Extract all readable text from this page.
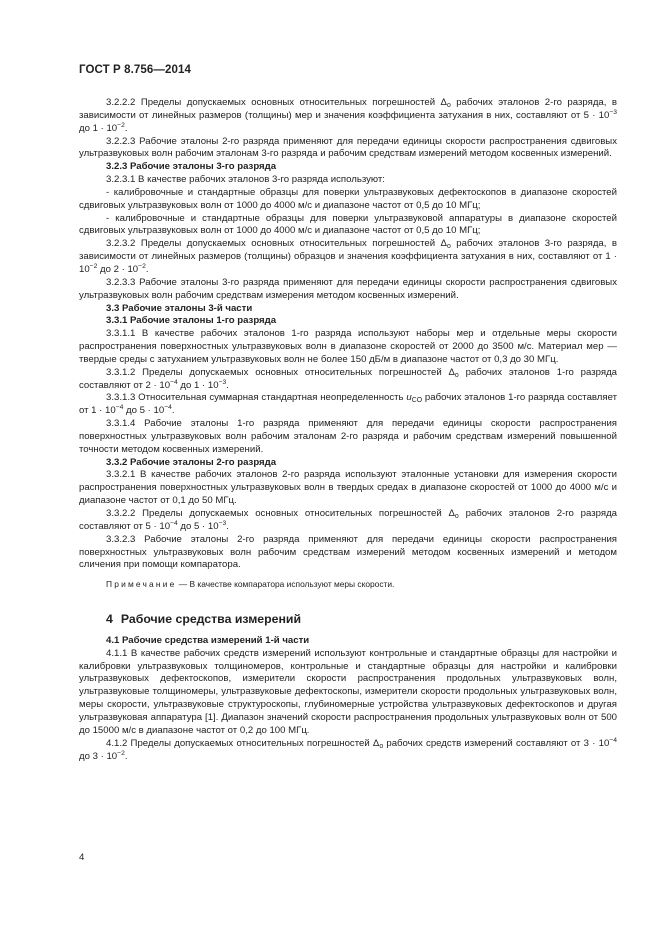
ГОСТ Р 8.756—2014

3.2.2.2 Пределы допускаемых основных относительных погрешностей $\Delta_о$ рабочих эталонов 2-го разряда, в зависимости от линейных размеров (толщины) мер и значения коэффициента затухания в них, составляют от $5 \cdot 10^{-3}$ до $1 \cdot 10^{-2}$.

3.2.2.3 Рабочие эталоны 2-го разряда применяют для передачи единицы скорости распространения сдвиговых ультразвуковых волн рабочим эталонам 3-го разряда и рабочим средствам измерений методом косвенных измерений.

3.2.3 Рабочие эталоны 3-го разряда

3.2.3.1 В качестве рабочих эталонов 3-го разряда используют:

- калибровочные и стандартные образцы для поверки ультразвуковых дефектоскопов в диапазоне скоростей сдвиговых ультразвуковых волн от 1000 до 4000 м/с и диапазоне частот от 0,5 до 10 МГц;

- калибровочные и стандартные образцы для поверки ультразвуковой аппаратуры в диапазоне скоростей сдвиговых ультразвуковых волн от 1000 до 4000 м/с и диапазоне частот от 0,5 до 10 МГц;

3.2.3.2 Пределы допускаемых основных относительных погрешностей $\Delta_о$ рабочих эталонов 3-го разряда, в зависимости от линейных размеров (толщины) образцов и значения коэффициента затухания в них, составляют от $1 \cdot 10^{-2}$ до $2 \cdot 10^{-2}$.

3.2.3.3 Рабочие эталоны 3-го разряда применяют для передачи единицы скорости распространения сдвиговых ультразвуковых волн рабочим средствам измерения методом косвенных измерений.

3.3 Рабочие эталоны 3-й части

3.3.1 Рабочие эталоны 1-го разряда

3.3.1.1 В качестве рабочих эталонов 1-го разряда используют наборы мер и отдельные меры скорости распространения поверхностных ультразвуковых волн в диапазоне скоростей от 2000 до 3500 м/с. Материал мер — твердые среды с затуханием ультразвуковых волн не более 150 дБ/м в диапазоне частот от 0,3 до 30 МГц.

3.3.1.2 Пределы допускаемых основных относительных погрешностей $\Delta_о$ рабочих эталонов 1-го разряда составляют от $2 \cdot 10^{-4}$ до $1 \cdot 10^{-3}$.

3.3.1.3 Относительная суммарная стандартная неопределенность $u_{CO}$ рабочих эталонов 1-го разряда составляет от $1 \cdot 10^{-4}$ до $5 \cdot 10^{-4}$.

3.3.1.4 Рабочие эталоны 1-го разряда применяют для передачи единицы скорости распространения поверхностных ультразвуковых волн рабочим эталонам 2-го разряда и рабочим средствам измерений повышенной точности методом косвенных измерений.

3.3.2 Рабочие эталоны 2-го разряда

3.3.2.1 В качестве рабочих эталонов 2-го разряда используют эталонные установки для измерения скорости распространения поверхностных ультразвуковых волн в твердых средах в диапазоне скоростей от 1000 до 4000 м/с и диапазоне частот от 0,1 до 50 МГц.

3.3.2.2 Пределы допускаемых основных относительных погрешностей $\Delta_о$ рабочих эталонов 2-го разряда составляют от $5 \cdot 10^{-4}$ до $5 \cdot 10^{-3}$.

3.3.2.3 Рабочие эталоны 2-го разряда применяют для передачи единицы скорости распространения поверхностных ультразвуковых волн рабочим средствам измерений методом косвенных измерений и методом сличения при помощи компаратора.

Примечание — В качестве компаратора используют меры скорости.

4 Рабочие средства измерений

4.1 Рабочие средства измерений 1-й части

4.1.1 В качестве рабочих средств измерений используют контрольные и стандартные образцы для настройки и калибровки ультразвуковых толщиномеров, контрольные и стандартные образцы для настройки и калибровки ультразвуковых дефектоскопов, измерители скорости распространения продольных ультразвуковых волн, ультразвуковые толщиномеры, ультразвуковые дефектоскопы, измерители скорости продольных ультразвуковых волн, меры скорости, ультразвуковые структуроскопы, глубиномерные устройства ультразвуковых дефектоскопов и другая ультразвуковая аппаратура [1]. Диапазон значений скорости распространения продольных ультразвуковых волн от 500 до 15000 м/с в диапазоне частот от 0,2 до 100 МГц.

4.1.2 Пределы допускаемых относительных погрешностей $\Delta_о$ рабочих средств измерений составляют от $3 \cdot 10^{-4}$ до $3 \cdot 10^{-2}$.

4
